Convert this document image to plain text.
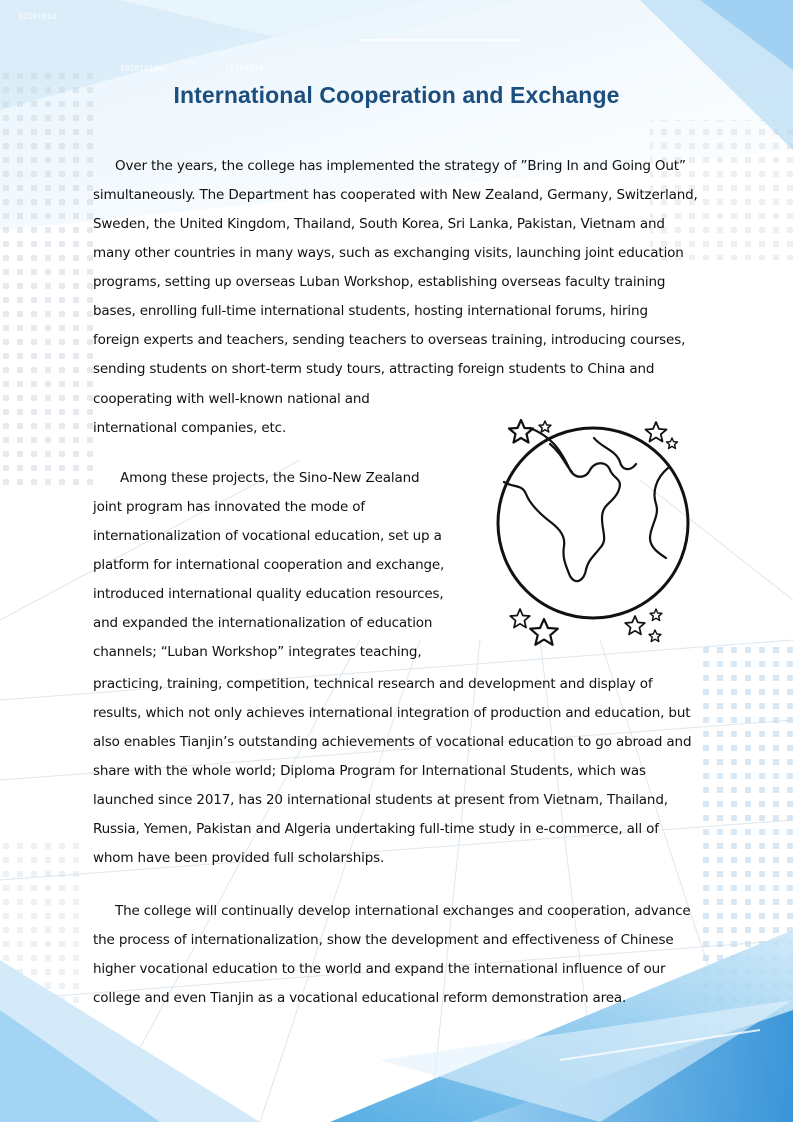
10101010
101010100	10101010
International Cooperation and Exchange
Over the years, the college has implemented the strategy of ”Bring In and Going Out”
simultaneously. The Department has cooperated with New Zealand, Germany, Switzerland,
Sweden, the United Kingdom, Thailand, South Korea, Sri Lanka, Pakistan, Vietnam and
many other countries in many ways, such as exchanging visits, launching joint education
programs, setting up overseas Luban Workshop, establishing overseas faculty training
bases, enrolling full-time international students, hosting international forums, hiring
foreign experts and teachers, sending teachers to overseas training, introducing courses,
sending students on short-term study tours, attracting foreign students to China and
cooperating with well-known national and
international companies, etc.
Among these projects, the Sino-New Zealand
joint program has innovated the mode of
internationalization of vocational education, set up a
platform for international cooperation and exchange,
introduced international quality education resources,
and expanded the internationalization of education
channels; “Luban Workshop” integrates teaching,
practicing, training, competition, technical research and development and display of
results, which not only achieves international integration of production and education, but
also enables Tianjin’s outstanding achievements of vocational education to go abroad and
share with the whole world; Diploma Program for International Students, which was
launched since 2017, has 20 international students at present from Vietnam, Thailand,
Russia, Yemen, Pakistan and Algeria undertaking full-time study in e-commerce, all of
whom have been provided full scholarships.
The college will continually develop international exchanges and cooperation, advance
the process of internationalization, show the development and effectiveness of Chinese
higher vocational education to the world and expand the international influence of our
college and even Tianjin as a vocational educational reform demonstration area.
